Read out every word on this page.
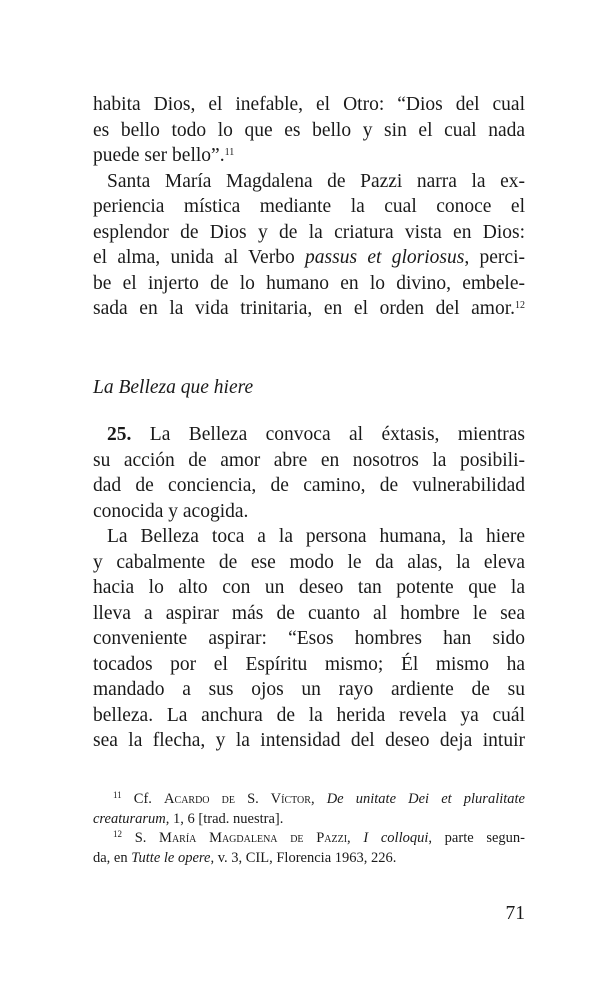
habita Dios, el inefable, el Otro: “Dios del cual
es bello todo lo que es bello y sin el cual nada
puede ser bello”.$^{11}$
Santa María Magdalena de Pazzi narra la ex-
periencia mística mediante la cual conoce el
esplendor de Dios y de la criatura vista en Dios:
el alma, unida al Verbo passus et gloriosus, perci-
be el injerto de lo humano en lo divino, embele-
sada en la vida trinitaria, en el orden del amor.$^{12}$
La Belleza que hiere
25. La Belleza convoca al éxtasis, mientras
su acción de amor abre en nosotros la posibili-
dad de conciencia, de camino, de vulnerabilidad
conocida y acogida.
La Belleza toca a la persona humana, la hiere
y cabalmente de ese modo le da alas, la eleva
hacia lo alto con un deseo tan potente que la
lleva a aspirar más de cuanto al hombre le sea
conveniente aspirar: “Esos hombres han sido
tocados por el Espíritu mismo; Él mismo ha
mandado a sus ojos un rayo ardiente de su
belleza. La anchura de la herida revela ya cuál
sea la flecha, y la intensidad del deseo deja intuir
$^{11}$ Cf. Acardo de S. Víctor, De unitate Dei et pluralitate
creaturarum, 1, 6 [trad. nuestra].
$^{12}$ S. María Magdalena de Pazzi, I colloqui, parte segun-
da, en Tutte le opere, v. 3, CIL, Florencia 1963, 226.
71
